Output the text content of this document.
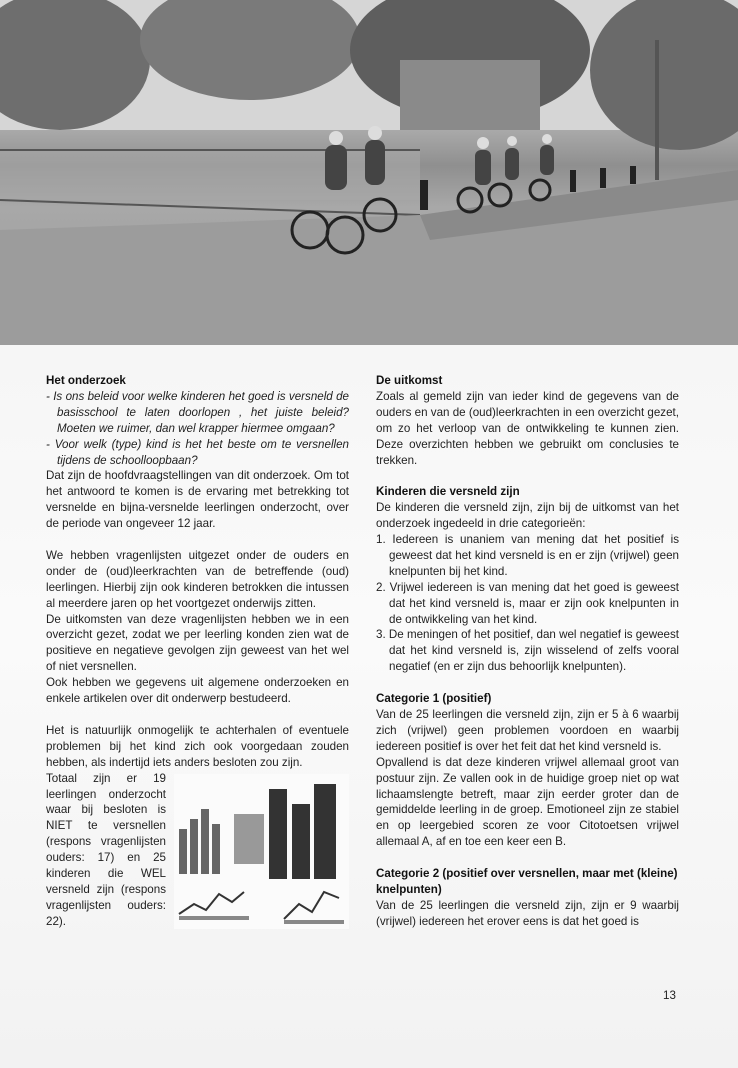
Het onderzoek

- Is ons beleid voor welke kinderen het goed is versneld de basisschool te laten doorlopen , het juiste beleid? Moeten we ruimer, dan wel krapper hiermee omgaan?

- Voor welk (type) kind is het het beste om te versnellen tijdens de schoolloopbaan?

Dat zijn de hoofdvraagstellingen van dit onderzoek. Om tot het antwoord te komen is de ervaring met betrekking tot versnelde en bijna-versnelde leerlingen onderzocht, over de periode van ongeveer 12 jaar.

We hebben vragenlijsten uitgezet onder de ouders en onder de (oud)leerkrachten van de betreffende (oud) leerlingen. Hierbij zijn ook kinderen betrokken die intussen al meerdere jaren op het voortgezet onderwijs zitten.

De uitkomsten van deze vragenlijsten hebben we in een overzicht gezet, zodat we per leerling konden zien wat de positieve en negatieve gevolgen zijn geweest van het wel of niet versnellen.

Ook hebben we gegevens uit algemene onderzoeken en enkele artikelen over dit onderwerp bestudeerd.

Het is natuurlijk onmogelijk te achterhalen of eventuele problemen bij het kind zich ook voorgedaan zouden hebben, als indertijd iets anders besloten zou zijn.

Totaal zijn er 19 leerlingen onderzocht waar bij besloten is NIET te versnellen (respons vragenlijsten ouders: 17) en 25 kinderen die WEL versneld zijn (respons vragenlijsten ouders: 22).

De uitkomst

Zoals al gemeld zijn van ieder kind de gegevens van de ouders en van de (oud)leerkrachten in een overzicht gezet, om zo het verloop van de ontwikkeling te kunnen zien. Deze overzichten hebben we gebruikt om conclusies te trekken.

Kinderen die versneld zijn

De kinderen die versneld zijn, zijn bij de uitkomst van het onderzoek ingedeeld in drie categorieën:

1. Iedereen is unaniem van mening dat het positief is geweest dat het kind versneld is en er zijn (vrijwel) geen knelpunten bij het kind.
2. Vrijwel iedereen is van mening dat het goed is geweest dat het kind versneld is, maar er zijn ook knelpunten in de ontwikkeling van het kind.
3. De meningen of het positief, dan wel negatief is geweest dat het kind versneld is, zijn wisselend of zelfs vooral negatief (en er zijn dus behoorlijk knelpunten).
Categorie 1 (positief)

Van de 25 leerlingen die versneld zijn, zijn er 5 à 6 waarbij zich (vrijwel) geen problemen voordoen en waarbij iedereen positief is over het feit dat het kind versneld is.

Opvallend is dat deze kinderen vrijwel allemaal groot van postuur zijn. Ze vallen ook in de huidige groep niet op wat lichaamslengte betreft, maar zijn eerder groter dan de gemiddelde leerling in de groep. Emotioneel zijn ze stabiel en op leergebied scoren ze voor Citotoetsen vrijwel allemaal A, af en toe een keer een B.

Categorie 2 (positief over versnellen, maar met (kleine) knelpunten)

Van de 25 leerlingen die versneld zijn, zijn er 9 waarbij (vrijwel) iedereen het erover eens is dat het goed is

13
